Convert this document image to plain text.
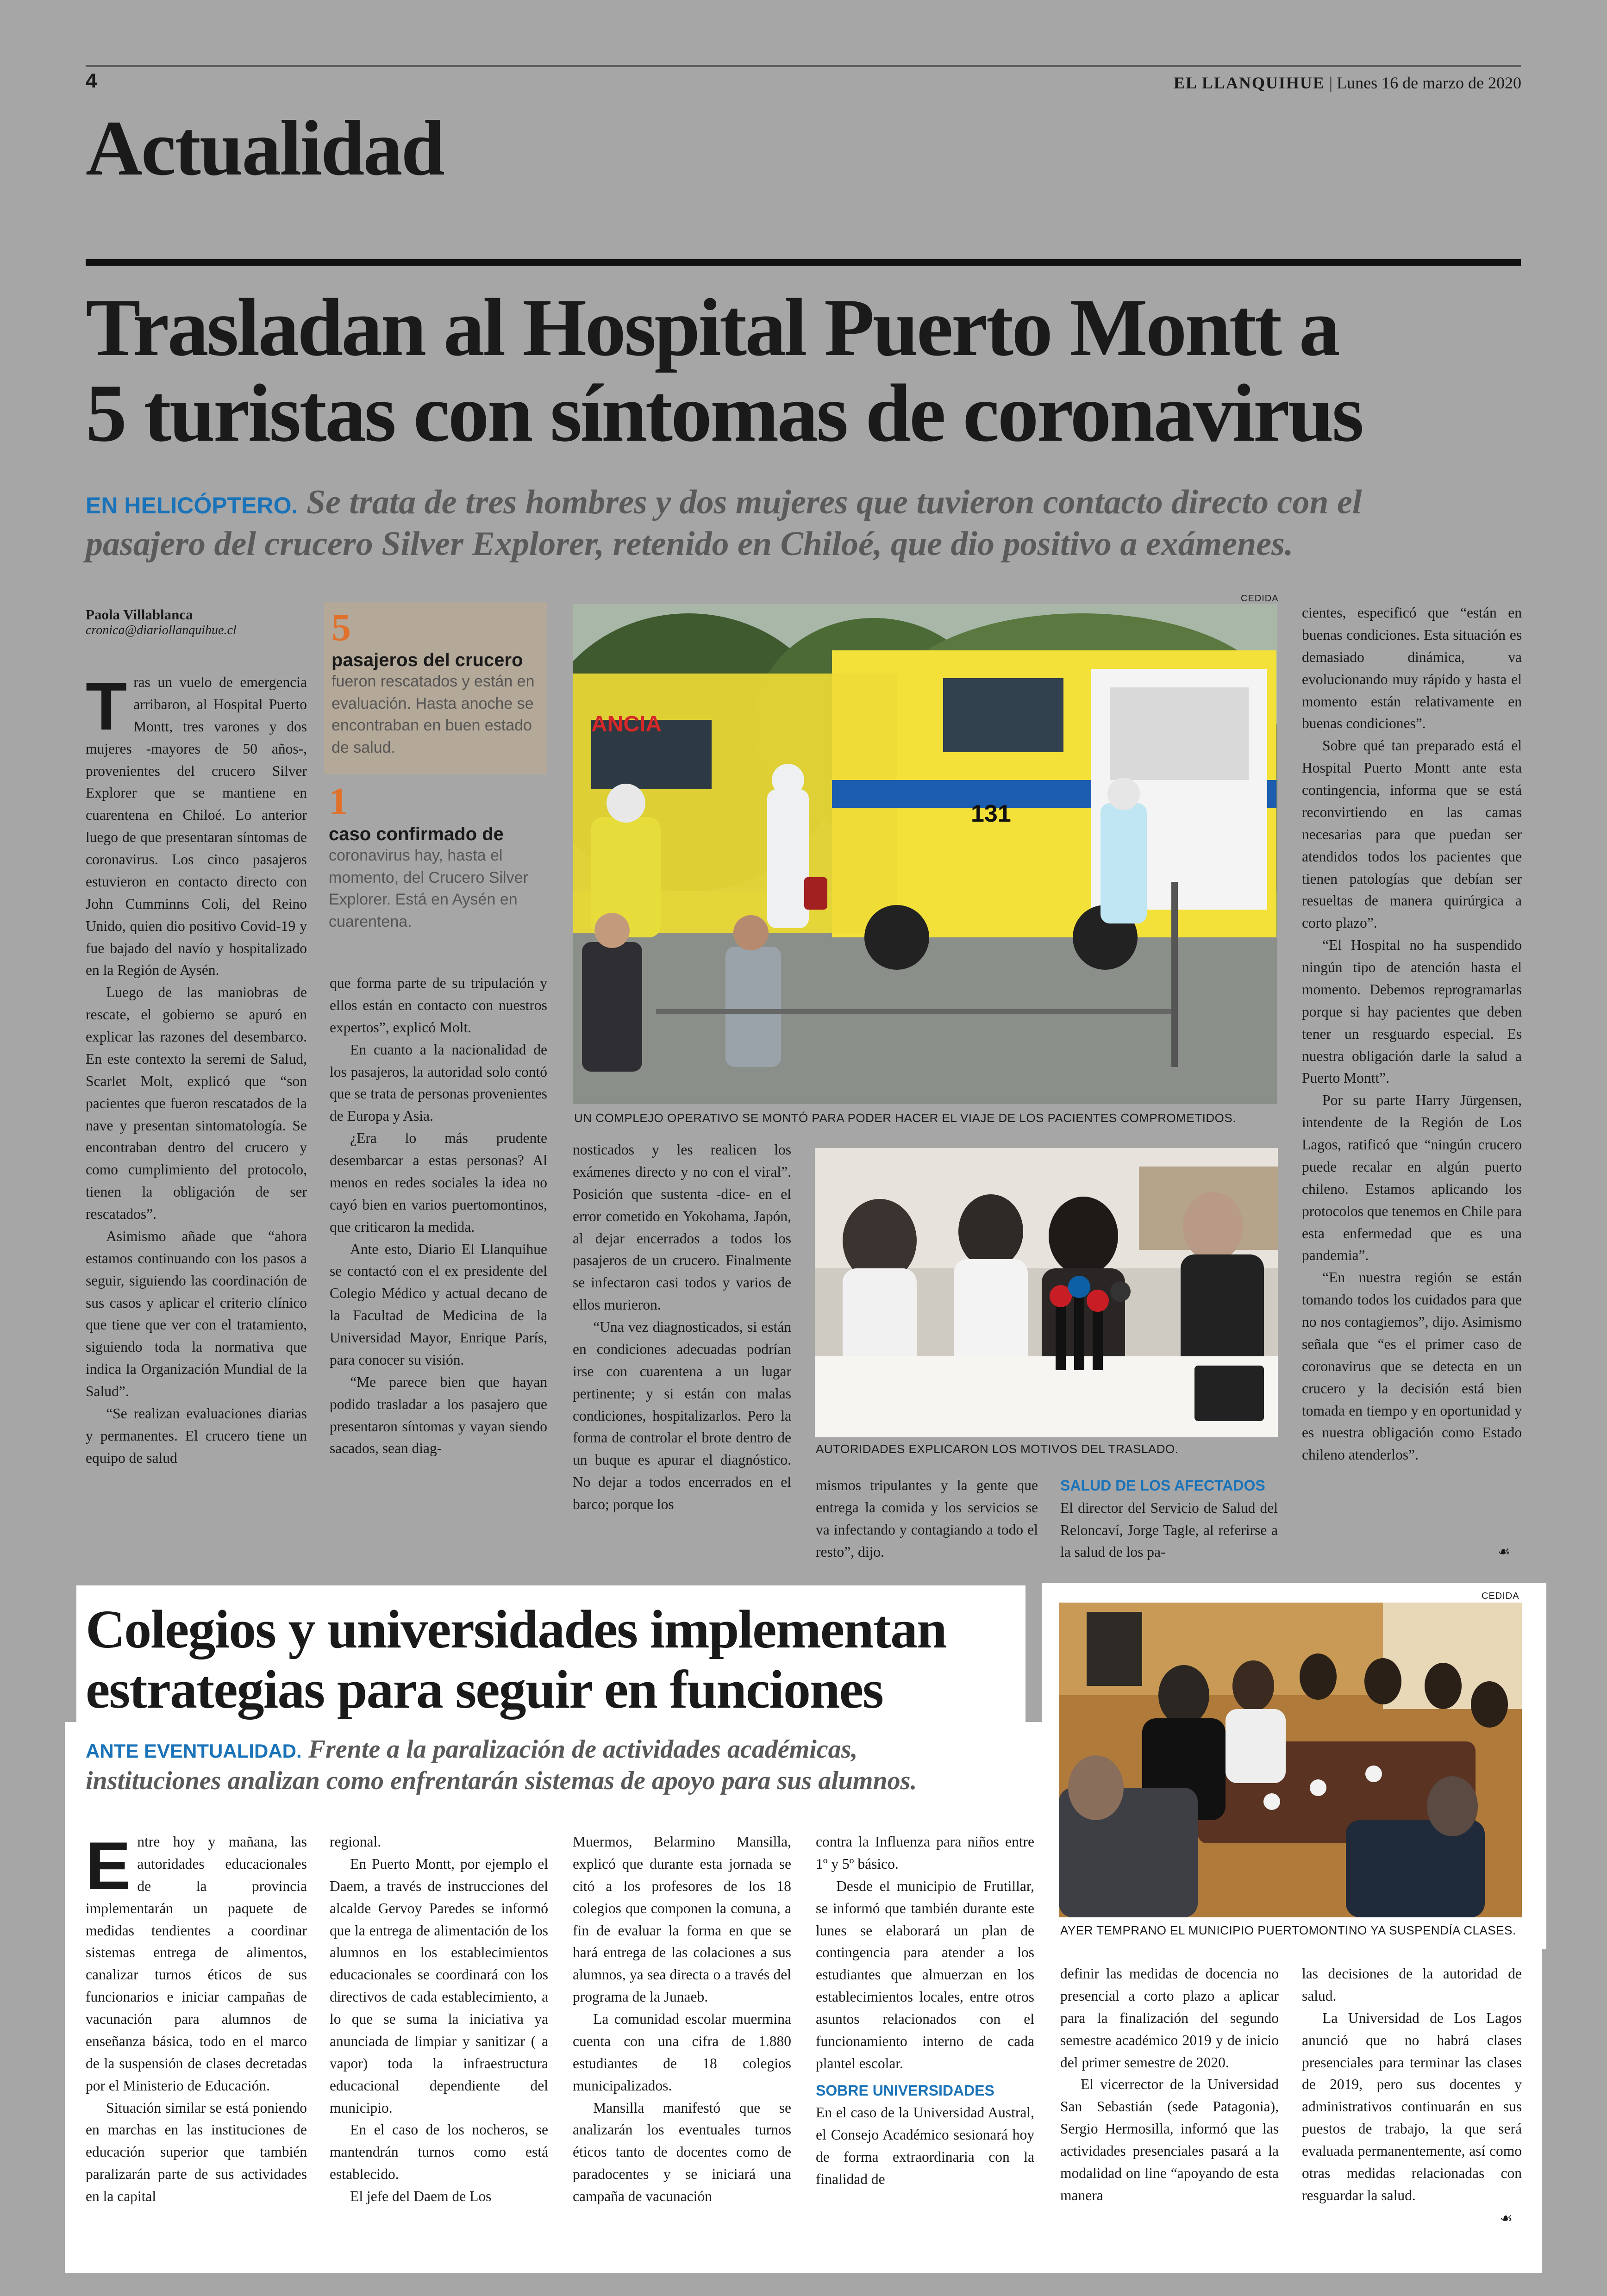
4	EL LLANQUIHUE | Lunes 16 de marzo de 2020
Actualidad
Trasladan al Hospital Puerto Montt a
5 turistas con síntomas de coronavirus
EN HELICÓPTERO. Se trata de tres hombres y dos mujeres que tuvieron contacto directo con el
pasajero del crucero Silver Explorer, retenido en Chiloé, que dio positivo a exámenes.
Paola Villablanca
cronica@diariollanquihue.cl

Tras un vuelo de emergencia arribaron, al Hospital Puerto Montt, tres varones y dos mujeres -mayores de 50 años-, provenientes del crucero Silver Explorer que se mantiene en cuarentena en Chiloé. Lo anterior luego de que presentaran síntomas de coronavirus. Los cinco pasajeros estuvieron en contacto directo con John Cumminns Coli, del Reino Unido, quien dio positivo Covid-19 y fue bajado del navío y hospitalizado en la Región de Aysén.

Luego de las maniobras de rescate, el gobierno se apuró en explicar las razones del desembarco. En este contexto la seremi de Salud, Scarlet Molt, explicó que “son pacientes que fueron rescatados de la nave y presentan sintomatología. Se encontraban dentro del crucero y como cumplimiento del protocolo, tienen la obligación de ser rescatados”.

Asimismo añade que “ahora estamos continuando con los pasos a seguir, siguiendo las coordinación de sus casos y aplicar el criterio clínico que tiene que ver con el tratamiento, siguiendo toda la normativa que indica la Organización Mundial de la Salud”.

“Se realizan evaluaciones diarias y permanentes. El crucero tiene un equipo de salud

5
pasajeros del crucero
fueron rescatados y están en evaluación. Hasta anoche se encontraban en buen estado de salud.
1
caso confirmado de
coronavirus hay, hasta el momento, del Crucero Silver Explorer. Está en Aysén en cuarentena.

que forma parte de su tripulación y ellos están en contacto con nuestros expertos”, explicó Molt.

En cuanto a la nacionalidad de los pasajeros, la autoridad solo contó que se trata de personas provenientes de Europa y Asia.

¿Era lo más prudente desembarcar a estas personas? Al menos en redes sociales la idea no cayó bien en varios puertomontinos, que criticaron la medida.

Ante esto, Diario El Llanquihue se contactó con el ex presidente del Colegio Médico y actual decano de la Facultad de Medicina de la Universidad Mayor, Enrique París, para conocer su visión.

“Me parece bien que hayan podido trasladar a los pasajero que presentaron síntomas y vayan siendo sacados, sean diag-

CEDIDA
ANCIA
131
UN COMPLEJO OPERATIVO SE MONTÓ PARA PODER HACER EL VIAJE DE LOS PACIENTES COMPROMETIDOS.

nosticados y les realicen los exámenes directo y no con el viral”. Posición que sustenta -dice- en el error cometido en Yokohama, Japón, al dejar encerrados a todos los pasajeros de un crucero. Finalmente se infectaron casi todos y varios de ellos murieron.

“Una vez diagnosticados, si están en condiciones adecuadas podrían irse con cuarentena a un lugar pertinente; y si están con malas condiciones, hospitalizarlos. Pero la forma de controlar el brote dentro de un buque es apurar el diagnóstico. No dejar a todos encerrados en el barco; porque los

AUTORIDADES EXPLICARON LOS MOTIVOS DEL TRASLADO.

mismos tripulantes y la gente que entrega la comida y los servicios se va infectando y contagiando a todo el resto”, dijo.

SALUD DE LOS AFECTADOS

El director del Servicio de Salud del Reloncaví, Jorge Tagle, al referirse a la salud de los pa-

cientes, especificó que “están en buenas condiciones. Esta situación es demasiado dinámica, va evolucionando muy rápido y hasta el momento están relativamente en buenas condiciones”.

Sobre qué tan preparado está el Hospital Puerto Montt ante esta contingencia, informa que se está reconvirtiendo en las camas necesarias para que puedan ser atendidos todos los pacientes que tienen patologías que debían ser resueltas de manera quirúrgica a corto plazo”.

“El Hospital no ha suspendido ningún tipo de atención hasta el momento. Debemos reprogramarlas porque si hay pacientes que deben tener un resguardo especial. Es nuestra obligación darle la salud a Puerto Montt”.

Por su parte Harry Jürgensen, intendente de la Región de Los Lagos, ratificó que “ningún crucero puede recalar en algún puerto chileno. Estamos aplicando los protocolos que tenemos en Chile para esta enfermedad que es una pandemia”.

“En nuestra región se están tomando todos los cuidados para que no nos contagiemos”, dijo. Asimismo señala que “es el primer caso de coronavirus que se detecta en un crucero y la decisión está bien tomada en tiempo y en oportunidad y es nuestra obligación como Estado chileno atenderlos”.

☙
Colegios y universidades implementan
estrategias para seguir en funciones
ANTE EVENTUALIDAD. Frente a la paralización de actividades académicas,
instituciones analizan como enfrentarán sistemas de apoyo para sus alumnos.
CEDIDA
AYER TEMPRANO EL MUNICIPIO PUERTOMONTINO YA SUSPENDÍA CLASES.

Entre hoy y mañana, las autoridades educacionales de la provincia implementarán un paquete de medidas tendientes a coordinar sistemas entrega de alimentos, canalizar turnos éticos de sus funcionarios e iniciar campañas de vacunación para alumnos de enseñanza básica, todo en el marco de la suspensión de clases decretadas por el Ministerio de Educación.

Situación similar se está poniendo en marchas en las instituciones de educación superior que también paralizarán parte de sus actividades en la capital

regional.

En Puerto Montt, por ejemplo el Daem, a través de instrucciones del alcalde Gervoy Paredes se informó que la entrega de alimentación de los alumnos en los establecimientos educacionales se coordinará con los directivos de cada establecimiento, a lo que se suma la iniciativa ya anunciada de limpiar y sanitizar ( a vapor) toda la infraestructura educacional dependiente del municipio.

En el caso de los nocheros, se mantendrán turnos como está establecido.

El jefe del Daem de Los

Muermos, Belarmino Mansilla, explicó que durante esta jornada se citó a los profesores de los 18 colegios que componen la comuna, a fin de evaluar la forma en que se hará entrega de las colaciones a sus alumnos, ya sea directa o a través del programa de la Junaeb.

La comunidad escolar muermina cuenta con una cifra de 1.880 estudiantes de 18 colegios municipalizados.

Mansilla manifestó que se analizarán los eventuales turnos éticos tanto de docentes como de paradocentes y se iniciará una campaña de vacunación

contra la Influenza para niños entre 1º y 5º básico.

Desde el municipio de Frutillar, se informó que también durante este lunes se elaborará un plan de contingencia para atender a los estudiantes que almuerzan en los establecimientos locales, entre otros asuntos relacionados con el funcionamiento interno de cada plantel escolar.

SOBRE UNIVERSIDADES

En el caso de la Universidad Austral, el Consejo Académico sesionará hoy de forma extraordinaria con la finalidad de

definir las medidas de docencia no presencial a corto plazo a aplicar para la finalización del segundo semestre académico 2019 y de inicio del primer semestre de 2020.

El vicerrector de la Universidad San Sebastián (sede Patagonia), Sergio Hermosilla, informó que las actividades presenciales pasará a la modalidad on line “apoyando de esta manera

las decisiones de la autoridad de salud.

La Universidad de Los Lagos anunció que no habrá clases presenciales para terminar las clases de 2019, pero sus docentes y administrativos continuarán en sus puestos de trabajo, la que será evaluada permanentemente, así como otras medidas relacionadas con resguardar la salud.

☙
